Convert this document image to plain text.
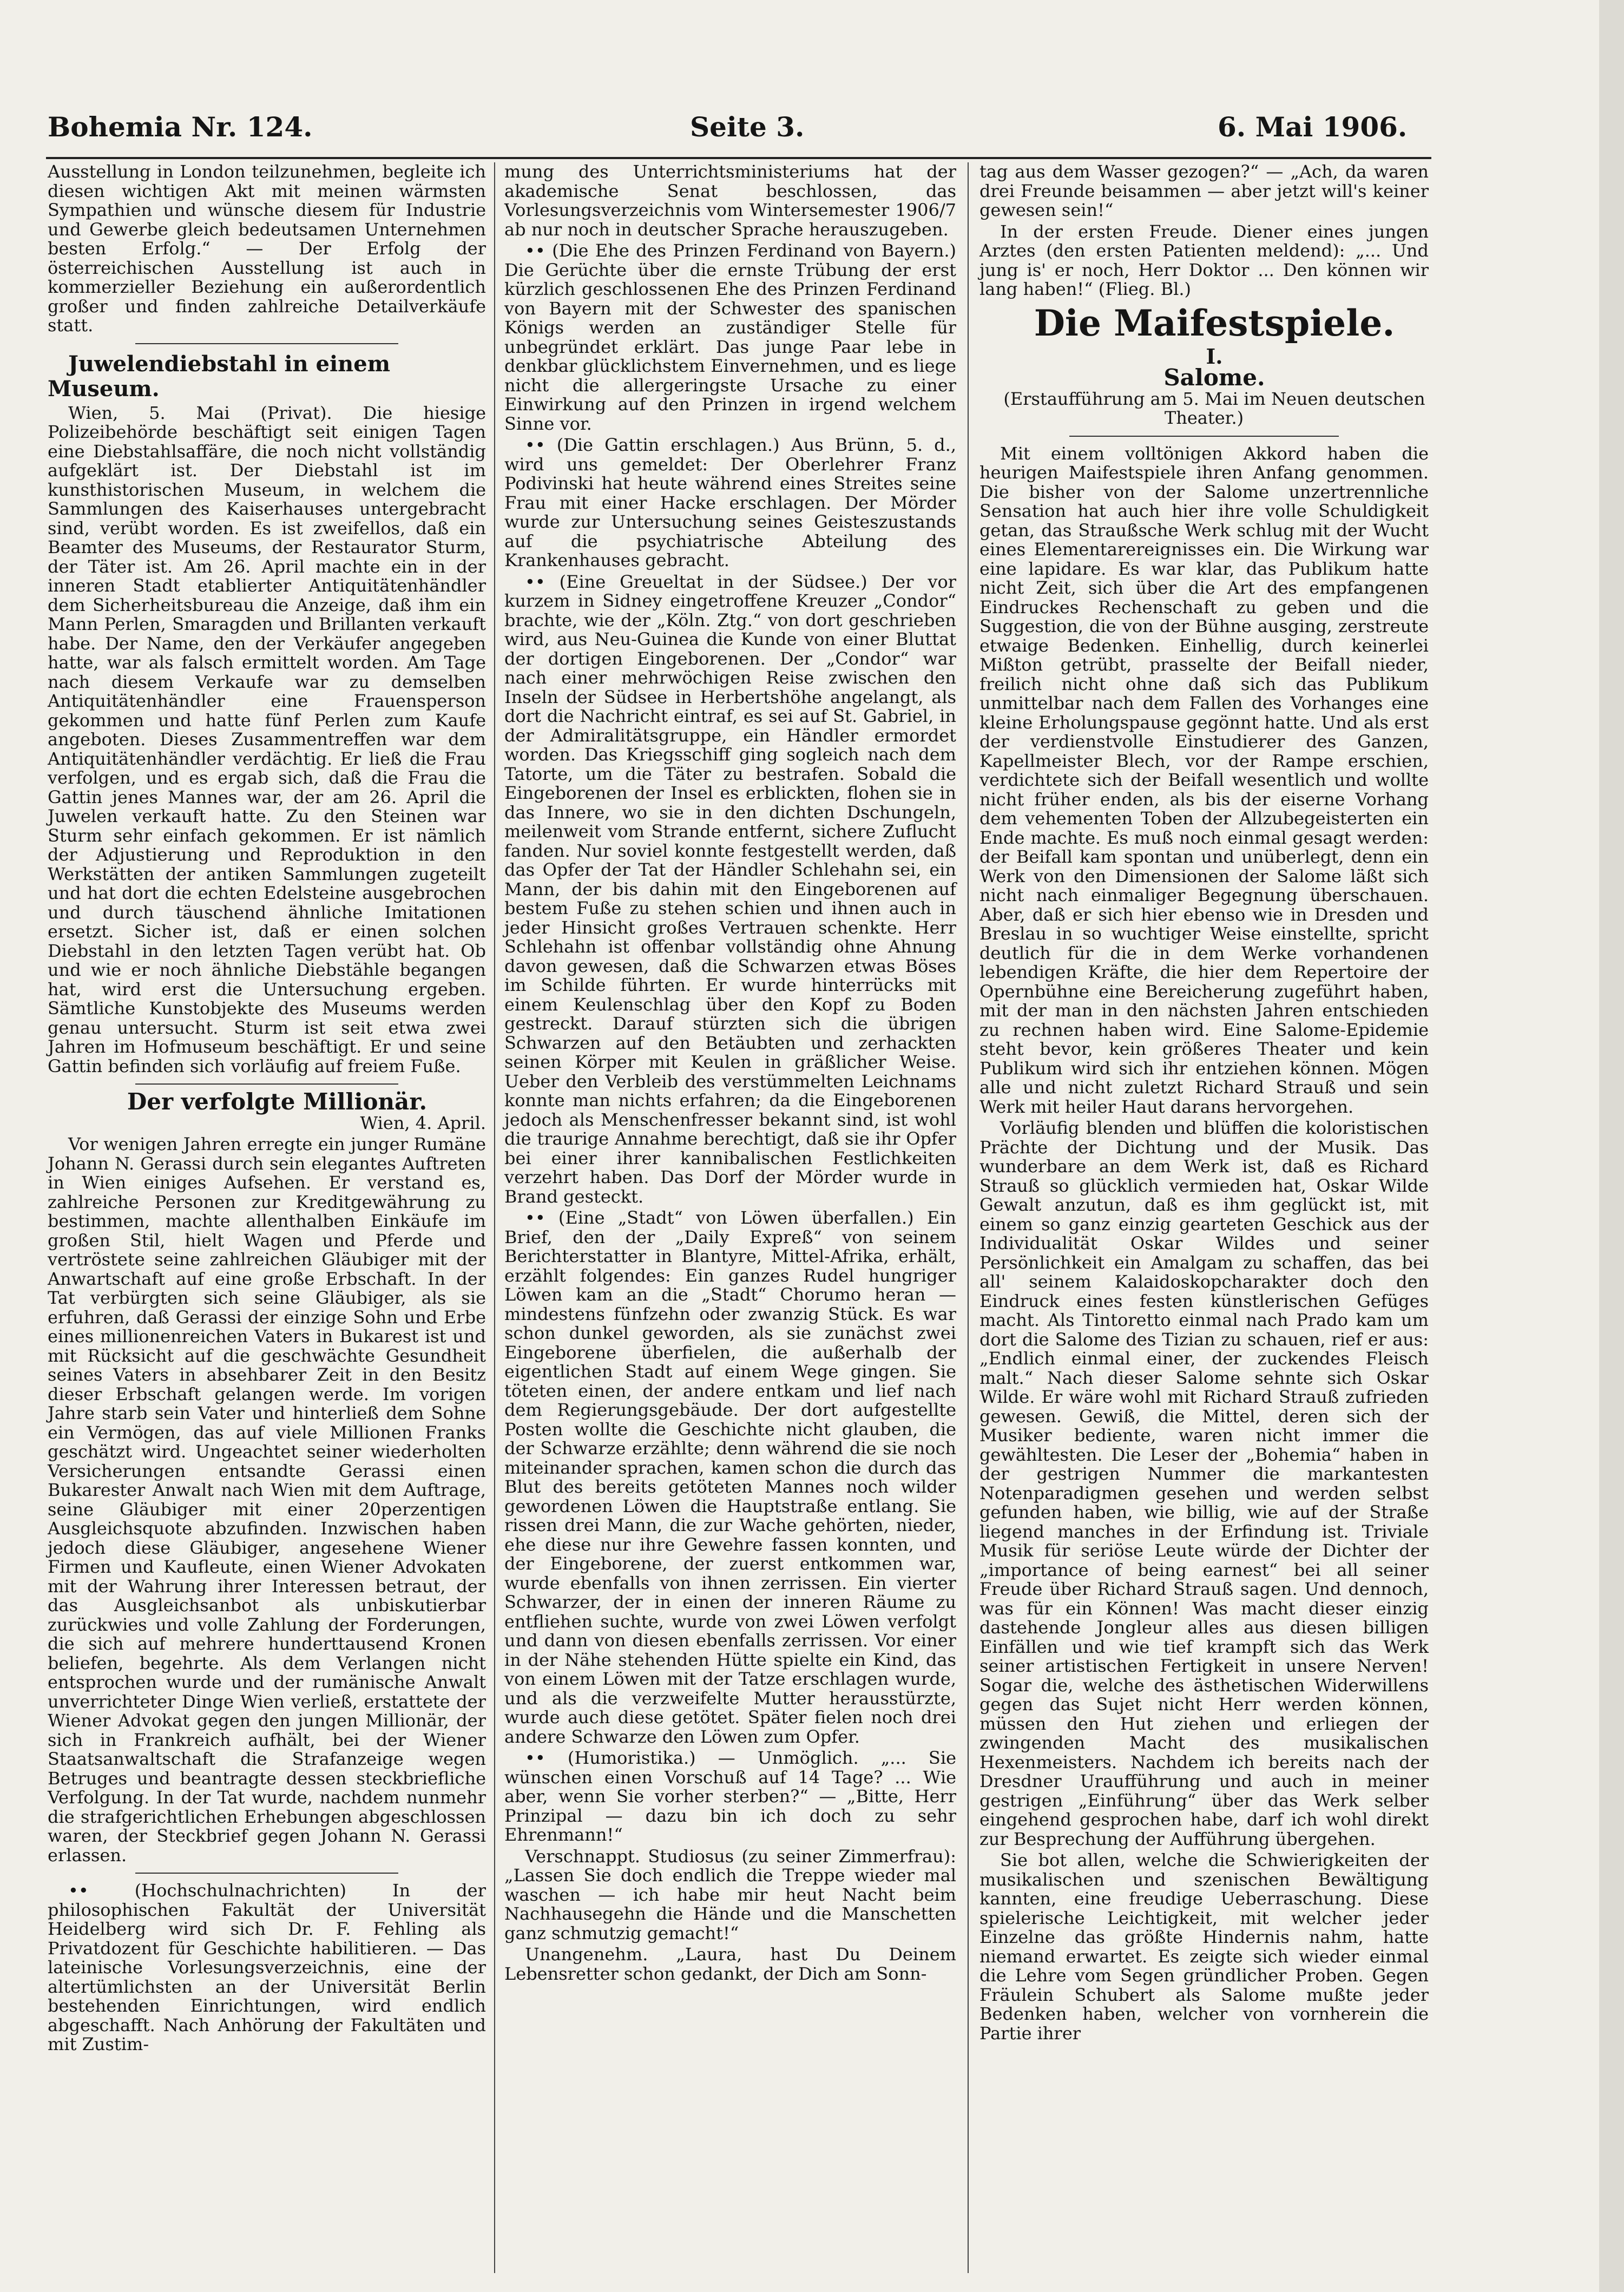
Bohemia Nr. 124.	Seite 3.	6. Mai 1906.

Ausstellung in London teilzunehmen, begleite ich diesen wichtigen Akt mit meinen wärmsten Sympathien und wünsche diesem für Industrie und Gewerbe gleich bedeutsamen Unternehmen besten Erfolg.“ — Der Erfolg der österreichischen Ausstellung ist auch in kommerzieller Beziehung ein außerordentlich großer und finden zahlreiche Detailverkäufe statt.

Juwelendiebstahl in einem Museum.

Wien, 5. Mai (Privat). Die hiesige Polizeibehörde beschäftigt seit einigen Tagen eine Diebstahlsaffäre, die noch nicht vollständig aufgeklärt ist. Der Diebstahl ist im kunsthistorischen Museum, in welchem die Sammlungen des Kaiserhauses untergebracht sind, verübt worden. Es ist zweifellos, daß ein Beamter des Museums, der Restaurator Sturm, der Täter ist. Am 26. April machte ein in der inneren Stadt etablierter Antiquitätenhändler dem Sicherheitsbureau die Anzeige, daß ihm ein Mann Perlen, Smaragden und Brillanten verkauft habe. Der Name, den der Verkäufer angegeben hatte, war als falsch ermittelt worden. Am Tage nach diesem Verkaufe war zu demselben Antiquitätenhändler eine Frauensperson gekommen und hatte fünf Perlen zum Kaufe angeboten. Dieses Zusammentreffen war dem Antiquitätenhändler verdächtig. Er ließ die Frau verfolgen, und es ergab sich, daß die Frau die Gattin jenes Mannes war, der am 26. April die Juwelen verkauft hatte. Zu den Steinen war Sturm sehr einfach gekommen. Er ist nämlich der Adjustierung und Reproduktion in den Werkstätten der antiken Sammlungen zugeteilt und hat dort die echten Edelsteine ausgebrochen und durch täuschend ähnliche Imitationen ersetzt. Sicher ist, daß er einen solchen Diebstahl in den letzten Tagen verübt hat. Ob und wie er noch ähnliche Diebstähle begangen hat, wird erst die Untersuchung ergeben. Sämtliche Kunstobjekte des Museums werden genau untersucht. Sturm ist seit etwa zwei Jahren im Hofmuseum beschäftigt. Er und seine Gattin befinden sich vorläufig auf freiem Fuße.

Der verfolgte Millionär.

Wien, 4. April.

Vor wenigen Jahren erregte ein junger Rumäne Johann N. Gerassi durch sein elegantes Auftreten in Wien einiges Aufsehen. Er verstand es, zahlreiche Personen zur Kreditgewährung zu bestimmen, machte allenthalben Einkäufe im großen Stil, hielt Wagen und Pferde und vertröstete seine zahlreichen Gläubiger mit der Anwartschaft auf eine große Erbschaft. In der Tat verbürgten sich seine Gläubiger, als sie erfuhren, daß Gerassi der einzige Sohn und Erbe eines millionenreichen Vaters in Bukarest ist und mit Rücksicht auf die geschwächte Gesundheit seines Vaters in absehbarer Zeit in den Besitz dieser Erbschaft gelangen werde. Im vorigen Jahre starb sein Vater und hinterließ dem Sohne ein Vermögen, das auf viele Millionen Franks geschätzt wird. Ungeachtet seiner wiederholten Versicherungen entsandte Gerassi einen Bukarester Anwalt nach Wien mit dem Auftrage, seine Gläubiger mit einer 20perzentigen Ausgleichsquote abzufinden. Inzwischen haben jedoch diese Gläubiger, angesehene Wiener Firmen und Kaufleute, einen Wiener Advokaten mit der Wahrung ihrer Interessen betraut, der das Ausgleichsanbot als unbiskutierbar zurückwies und volle Zahlung der Forderungen, die sich auf mehrere hunderttausend Kronen beliefen, begehrte. Als dem Verlangen nicht entsprochen wurde und der rumänische Anwalt unverrichteter Dinge Wien verließ, erstattete der Wiener Advokat gegen den jungen Millionär, der sich in Frankreich aufhält, bei der Wiener Staatsanwaltschaft die Strafanzeige wegen Betruges und beantragte dessen steckbriefliche Verfolgung. In der Tat wurde, nachdem nunmehr die strafgerichtlichen Erhebungen abgeschlossen waren, der Steckbrief gegen Johann N. Gerassi erlassen.

•• (Hochschulnachrichten) In der philosophischen Fakultät der Universität Heidelberg wird sich Dr. F. Fehling als Privatdozent für Geschichte habilitieren. — Das lateinische Vorlesungsverzeichnis, eine der altertümlichsten an der Universität Berlin bestehenden Einrichtungen, wird endlich abgeschafft. Nach Anhörung der Fakultäten und mit Zustim-

mung des Unterrichtsministeriums hat der akademische Senat beschlossen, das Vorlesungsverzeichnis vom Wintersemester 1906/7 ab nur noch in deutscher Sprache herauszugeben.

•• (Die Ehe des Prinzen Ferdinand von Bayern.) Die Gerüchte über die ernste Trübung der erst kürzlich geschlossenen Ehe des Prinzen Ferdinand von Bayern mit der Schwester des spanischen Königs werden an zuständiger Stelle für unbegründet erklärt. Das junge Paar lebe in denkbar glücklichstem Einvernehmen, und es liege nicht die allergeringste Ursache zu einer Einwirkung auf den Prinzen in irgend welchem Sinne vor.

•• (Die Gattin erschlagen.) Aus Brünn, 5. d., wird uns gemeldet: Der Oberlehrer Franz Podivinski hat heute während eines Streites seine Frau mit einer Hacke erschlagen. Der Mörder wurde zur Untersuchung seines Geisteszustands auf die psychiatrische Abteilung des Krankenhauses gebracht.

•• (Eine Greueltat in der Südsee.) Der vor kurzem in Sidney eingetroffene Kreuzer „Condor“ brachte, wie der „Köln. Ztg.“ von dort geschrieben wird, aus Neu-Guinea die Kunde von einer Bluttat der dortigen Eingeborenen. Der „Condor“ war nach einer mehrwöchigen Reise zwischen den Inseln der Südsee in Herbertshöhe angelangt, als dort die Nachricht eintraf, es sei auf St. Gabriel, in der Admiralitätsgruppe, ein Händler ermordet worden. Das Kriegsschiff ging sogleich nach dem Tatorte, um die Täter zu bestrafen. Sobald die Eingeborenen der Insel es erblickten, flohen sie in das Innere, wo sie in den dichten Dschungeln, meilenweit vom Strande entfernt, sichere Zuflucht fanden. Nur soviel konnte festgestellt werden, daß das Opfer der Tat der Händler Schlehahn sei, ein Mann, der bis dahin mit den Eingeborenen auf bestem Fuße zu stehen schien und ihnen auch in jeder Hinsicht großes Vertrauen schenkte. Herr Schlehahn ist offenbar vollständig ohne Ahnung davon gewesen, daß die Schwarzen etwas Böses im Schilde führten. Er wurde hinterrücks mit einem Keulenschlag über den Kopf zu Boden gestreckt. Darauf stürzten sich die übrigen Schwarzen auf den Betäubten und zerhackten seinen Körper mit Keulen in gräßlicher Weise. Ueber den Verbleib des verstümmelten Leichnams konnte man nichts erfahren; da die Eingeborenen jedoch als Menschenfresser bekannt sind, ist wohl die traurige Annahme berechtigt, daß sie ihr Opfer bei einer ihrer kannibalischen Festlichkeiten verzehrt haben. Das Dorf der Mörder wurde in Brand gesteckt.

•• (Eine „Stadt“ von Löwen überfallen.) Ein Brief, den der „Daily Expreß“ von seinem Berichterstatter in Blantyre, Mittel-Afrika, erhält, erzählt folgendes: Ein ganzes Rudel hungriger Löwen kam an die „Stadt“ Chorumo heran — mindestens fünfzehn oder zwanzig Stück. Es war schon dunkel geworden, als sie zunächst zwei Eingeborene überfielen, die außerhalb der eigentlichen Stadt auf einem Wege gingen. Sie töteten einen, der andere entkam und lief nach dem Regierungsgebäude. Der dort aufgestellte Posten wollte die Geschichte nicht glauben, die der Schwarze erzählte; denn während die sie noch miteinander sprachen, kamen schon die durch das Blut des bereits getöteten Mannes noch wilder gewordenen Löwen die Hauptstraße entlang. Sie rissen drei Mann, die zur Wache gehörten, nieder, ehe diese nur ihre Gewehre fassen konnten, und der Eingeborene, der zuerst entkommen war, wurde ebenfalls von ihnen zerrissen. Ein vierter Schwarzer, der in einen der inneren Räume zu entfliehen suchte, wurde von zwei Löwen verfolgt und dann von diesen ebenfalls zerrissen. Vor einer in der Nähe stehenden Hütte spielte ein Kind, das von einem Löwen mit der Tatze erschlagen wurde, und als die verzweifelte Mutter herausstürzte, wurde auch diese getötet. Später fielen noch drei andere Schwarze den Löwen zum Opfer.

•• (Humoristika.) — Unmöglich. „... Sie wünschen einen Vorschuß auf 14 Tage? ... Wie aber, wenn Sie vorher sterben?“ — „Bitte, Herr Prinzipal — dazu bin ich doch zu sehr Ehrenmann!“

Verschnappt. Studiosus (zu seiner Zimmerfrau): „Lassen Sie doch endlich die Treppe wieder mal waschen — ich habe mir heut Nacht beim Nachhausegehn die Hände und die Manschetten ganz schmutzig gemacht!“

Unangenehm. „Laura, hast Du Deinem Lebensretter schon gedankt, der Dich am Sonn-

tag aus dem Wasser gezogen?“ — „Ach, da waren drei Freunde beisammen — aber jetzt will's keiner gewesen sein!“

In der ersten Freude. Diener eines jungen Arztes (den ersten Patienten meldend): „... Und jung is' er noch, Herr Doktor ... Den können wir lang haben!“ (Flieg. Bl.)

Die Maifestspiele.

I.

Salome.

(Erstaufführung am 5. Mai im Neuen deutschen Theater.)

Mit einem volltönigen Akkord haben die heurigen Maifestspiele ihren Anfang genommen. Die bisher von der Salome unzertrennliche Sensation hat auch hier ihre volle Schuldigkeit getan, das Straußsche Werk schlug mit der Wucht eines Elementarereignisses ein. Die Wirkung war eine lapidare. Es war klar, das Publikum hatte nicht Zeit, sich über die Art des empfangenen Eindruckes Rechenschaft zu geben und die Suggestion, die von der Bühne ausging, zerstreute etwaige Bedenken. Einhellig, durch keinerlei Mißton getrübt, prasselte der Beifall nieder, freilich nicht ohne daß sich das Publikum unmittelbar nach dem Fallen des Vorhanges eine kleine Erholungspause gegönnt hatte. Und als erst der verdienstvolle Einstudierer des Ganzen, Kapellmeister Blech, vor der Rampe erschien, verdichtete sich der Beifall wesentlich und wollte nicht früher enden, als bis der eiserne Vorhang dem vehementen Toben der Allzubegeisterten ein Ende machte. Es muß noch einmal gesagt werden: der Beifall kam spontan und unüberlegt, denn ein Werk von den Dimensionen der Salome läßt sich nicht nach einmaliger Begegnung überschauen. Aber, daß er sich hier ebenso wie in Dresden und Breslau in so wuchtiger Weise einstellte, spricht deutlich für die in dem Werke vorhandenen lebendigen Kräfte, die hier dem Repertoire der Opernbühne eine Bereicherung zugeführt haben, mit der man in den nächsten Jahren entschieden zu rechnen haben wird. Eine Salome-Epidemie steht bevor, kein größeres Theater und kein Publikum wird sich ihr entziehen können. Mögen alle und nicht zuletzt Richard Strauß und sein Werk mit heiler Haut darans hervorgehen.

Vorläufig blenden und blüffen die koloristischen Prächte der Dichtung und der Musik. Das wunderbare an dem Werk ist, daß es Richard Strauß so glücklich vermieden hat, Oskar Wilde Gewalt anzutun, daß es ihm geglückt ist, mit einem so ganz einzig gearteten Geschick aus der Individualität Oskar Wildes und seiner Persönlichkeit ein Amalgam zu schaffen, das bei all' seinem Kalaidoskopcharakter doch den Eindruck eines festen künstlerischen Gefüges macht. Als Tintoretto einmal nach Prado kam um dort die Salome des Tizian zu schauen, rief er aus: „Endlich einmal einer, der zuckendes Fleisch malt.“ Nach dieser Salome sehnte sich Oskar Wilde. Er wäre wohl mit Richard Strauß zufrieden gewesen. Gewiß, die Mittel, deren sich der Musiker bediente, waren nicht immer die gewähltesten. Die Leser der „Bohemia“ haben in der gestrigen Nummer die markantesten Notenparadigmen gesehen und werden selbst gefunden haben, wie billig, wie auf der Straße liegend manches in der Erfindung ist. Triviale Musik für seriöse Leute würde der Dichter der „importance of being earnest“ bei all seiner Freude über Richard Strauß sagen. Und dennoch, was für ein Können! Was macht dieser einzig dastehende Jongleur alles aus diesen billigen Einfällen und wie tief krampft sich das Werk seiner artistischen Fertigkeit in unsere Nerven! Sogar die, welche des ästhetischen Widerwillens gegen das Sujet nicht Herr werden können, müssen den Hut ziehen und erliegen der zwingenden Macht des musikalischen Hexenmeisters. Nachdem ich bereits nach der Dresdner Uraufführung und auch in meiner gestrigen „Einführung“ über das Werk selber eingehend gesprochen habe, darf ich wohl direkt zur Besprechung der Aufführung übergehen.

Sie bot allen, welche die Schwierigkeiten der musikalischen und szenischen Bewältigung kannten, eine freudige Ueberraschung. Diese spielerische Leichtigkeit, mit welcher jeder Einzelne das größte Hindernis nahm, hatte niemand erwartet. Es zeigte sich wieder einmal die Lehre vom Segen gründlicher Proben. Gegen Fräulein Schubert als Salome mußte jeder Bedenken haben, welcher von vornherein die Partie ihrer
